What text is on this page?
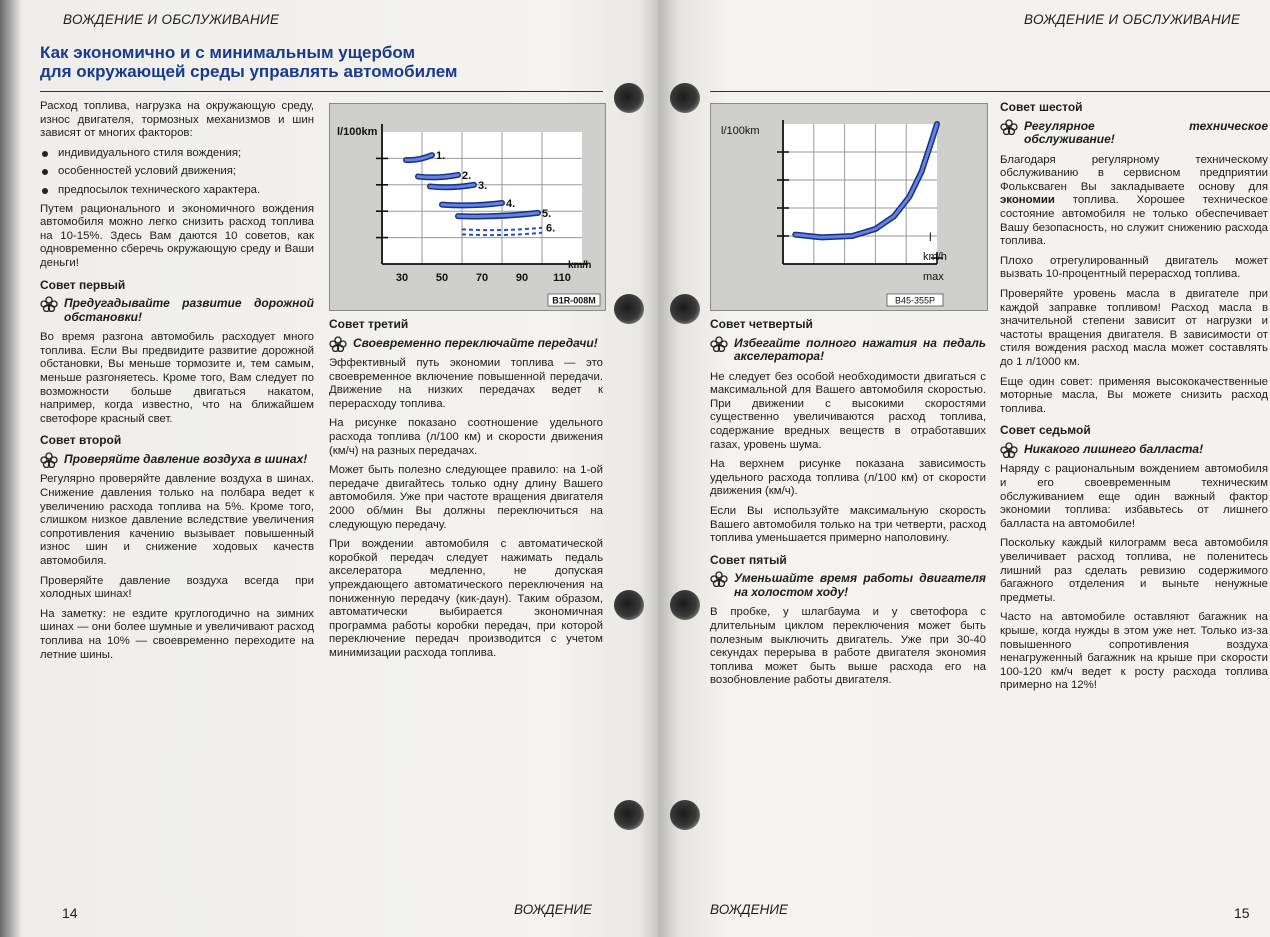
ВОЖДЕНИЕ И ОБСЛУЖИВАНИЕ
Как экономично и с минимальным ущербом
для окружающей среды управлять автомобилем

Расход топлива, нагрузка на окружающую среду, износ двигателя, тормозных механизмов и шин зависят от многих факторов:

индивидуального стиля вождения;
особенностей условий движения;
предпосылок технического характера.

Путем рационального и экономичного вождения автомобиля можно легко снизить расход топлива на 10-15%. Здесь Вам даются 10 советов, как одновременно сберечь окружающую среду и Ваши деньги!

Совет первый
Предугадывайте развитие дорожной обстановки!

Во время разгона автомобиль расходует много топлива. Если Вы предвидите развитие дорожной обстановки, Вы меньше тормозите и, тем самым, меньше разгоняетесь. Кроме того, Вам следует по возможности больше двигаться накатом, например, когда известно, что на ближайшем светофоре красный свет.

Совет второй
Проверяйте давление воздуха в шинах!

Регулярно проверяйте давление воздуха в шинах. Снижение давления только на полбара ведет к увеличению расхода топлива на 5%. Кроме того, слишком низкое давление вследствие увеличения сопротивления качению вызывает повышенный износ шин и снижение ходовых качеств автомобиля.

Проверяйте давление воздуха всегда при холодных шинах!

На заметку: не ездите круглогодично на зимних шинах — они более шумные и увеличивают расход топлива на 10% — своевременно переходите на летние шины.

l/100km
km/h
30	50	70	90 110
1.
2.
3.
4.
5.
6.
B1R-008M
Совет третий
Своевременно переключайте передачи!

Эффективный путь экономии топлива — это своевременное включение повышенной передачи. Движение на низких передачах ведет к перерасходу топлива.

На рисунке показано соотношение удельного расхода топлива (л/100 км) и скорости движения (км/ч) на разных передачах.

Может быть полезно следующее правило: на 1-ой передаче двигайтесь только одну длину Вашего автомобиля. Уже при частоте вращения двигателя 2000 об/мин Вы должны переключиться на следующую передачу.

При вождении автомобиля с автоматической коробкой передач следует нажимать педаль акселератора медленно, не допуская упреждающего автоматического переключения на пониженную передачу (кик-даун). Таким образом, автоматически выбирается экономичная программа работы коробки передач, при которой переключение передач производится с учетом минимизации расхода топлива.

14	ВОЖДЕНИЕ
ВОЖДЕНИЕ И ОБСЛУЖИВАНИЕ
l/100km
km/h
max
l
B45-355P
Совет четвертый
Избегайте полного нажатия на педаль акселератора!

Не следует без особой необходимости двигаться с максимальной для Вашего автомобиля скоростью. При движении с высокими скоростями существенно увеличиваются расход топлива, содержание вредных веществ в отработавших газах, уровень шума.

На верхнем рисунке показана зависимость удельного расхода топлива (л/100 км) от скорости движения (км/ч).

Если Вы используйте максимальную скорость Вашего автомобиля только на три четверти, расход топлива уменьшается примерно наполовину.

Совет пятый
Уменьшайте время работы двигателя на холостом ходу!

В пробке, у шлагбаума и у светофора с длительным циклом переключения может быть полезным выключить двигатель. Уже при 30-40 секундах перерыва в работе двигателя экономия топлива может быть выше расхода его на возобновление работы двигателя.

Совет шестой
Регулярное техническое обслуживание!

Благодаря регулярному техническому обслуживанию в сервисном предприятии Фольксваген Вы закладываете основу для экономии топлива. Хорошее техническое состояние автомобиля не только обеспечивает Вашу безопасность, но служит снижению расхода топлива.

Плохо отрегулированный двигатель может вызвать 10-процентный перерасход топлива.

Проверяйте уровень масла в двигателе при каждой заправке топливом! Расход масла в значительной степени зависит от нагрузки и частоты вращения двигателя. В зависимости от стиля вождения расход масла может составлять до 1 л/1000 км.

Еще один совет: применяя высококачественные моторные масла, Вы можете снизить расход топлива.

Совет седьмой
Никакого лишнего балласта!

Наряду с рациональным вождением автомобиля и его своевременным техническим обслуживанием еще один важный фактор экономии топлива: избавьтесь от лишнего балласта на автомобиле!

Поскольку каждый килограмм веса автомобиля увеличивает расход топлива, не поленитесь лишний раз сделать ревизию содержимого багажного отделения и выньте ненужные предметы.

Часто на автомобиле оставляют багажник на крыше, когда нужды в этом уже нет. Только из-за повышенного сопротивления воздуха ненагруженный багажник на крыше при скорости 100-120 км/ч ведет к росту расхода топлива примерно на 12%!

ВОЖДЕНИЕ	15
